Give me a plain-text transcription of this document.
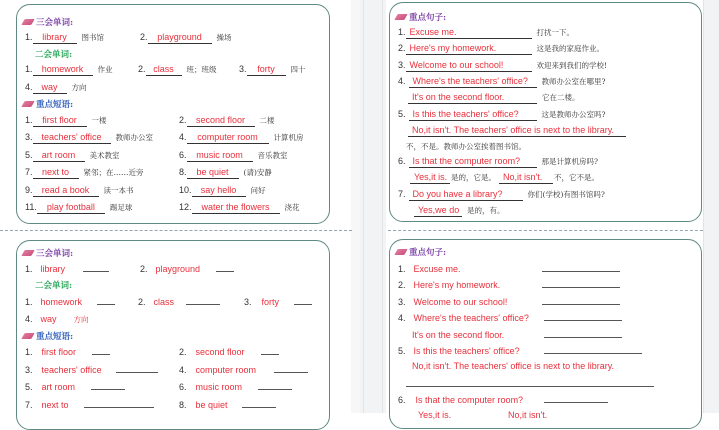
三会单词:
1.	library	图书馆	2.	playground	操场
二会单词:
1.	homework	作业	2. class	班；班级 3.	forty	四十
4. way	方向
重点短语:
1.	first floor	一楼	2.	second floor	二楼
3. teachers' office	教师办公室	4.	computer room	计算机房
5.	art room	美术教室	6.	music room	音乐教室
7.	next to	紧邻；在……近旁	8.	be quiet	(请)安静
9.	read a book	读一本书	10.	say hello	问好
11.	play football	踢足球	12.	water the flowers	浇花
重点句子:
1. Excuse me.	打扰一下。
2. Here's my homework.	这是我的家庭作业。
3. Welcome to our school!	欢迎来到我们的学校!
4. Where's the teachers' office?	教师办公室在哪里?
It's on the second floor.	它在二楼。
5. Is this the teachers' office?	这是教师办公室吗?
No,it isn't. The teachers' office is next to the library.
不，不是。教师办公室挨着图书馆。
6. Is that the computer room?	那是计算机房吗?
Yes,it is. 是的，它是。 No,it isn't.	不，它不是。
7. Do you have a library?	你们(学校)有图书馆吗?
Yes,we do	是的，有。
三会单词:
1. library	2. playground
二会单词:
1. homework	2. class	3. forty
4. way	方向
重点短语:
1. first floor	2. second floor
3. teachers' office	4. computer room
5. art room	6. music room
7. next to	8. be quiet
重点句子:
1. Excuse me.
2. Here's my homework.
3. Welcome to our school!
4. Where's the teachers' office?
It's on the second floor.
5. Is this the teachers' office?
No,it isn't. The teachers' office is next to the library.
6. Is that the computer room?
Yes,it is.	No,it isn't.
